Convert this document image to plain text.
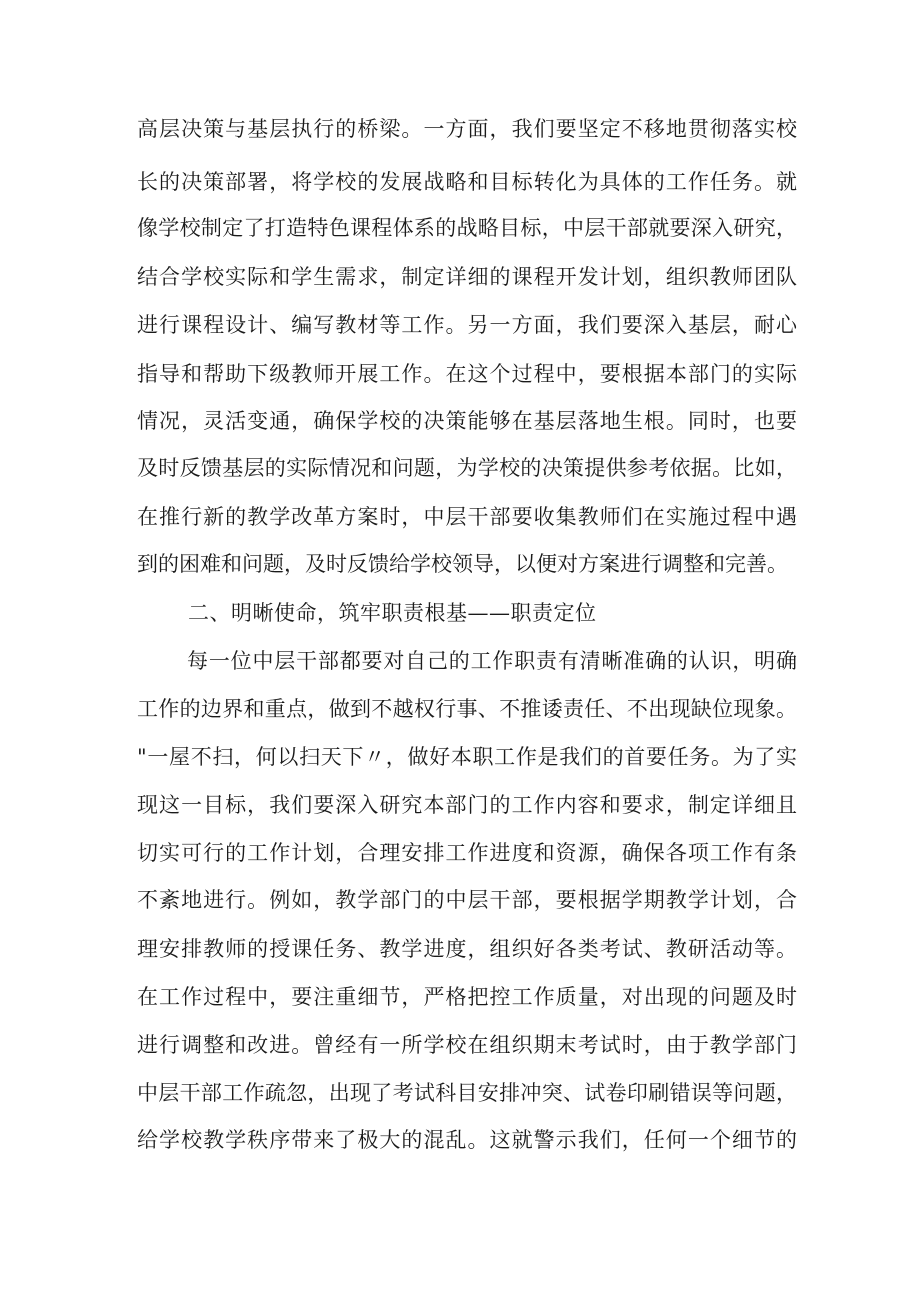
高层决策与基层执行的桥梁。一方面，我们要坚定不移地贯彻落实校
长的决策部署，将学校的发展战略和目标转化为具体的工作任务。就
像学校制定了打造特色课程体系的战略目标，中层干部就要深入研究，
结合学校实际和学生需求，制定详细的课程开发计划，组织教师团队
进行课程设计、编写教材等工作。另一方面，我们要深入基层，耐心
指导和帮助下级教师开展工作。在这个过程中，要根据本部门的实际
情况，灵活变通，确保学校的决策能够在基层落地生根。同时，也要
及时反馈基层的实际情况和问题，为学校的决策提供参考依据。比如，
在推行新的教学改革方案时，中层干部要收集教师们在实施过程中遇
到的困难和问题，及时反馈给学校领导，以便对方案进行调整和完善。
二、明晰使命，筑牢职责根基——职责定位
每一位中层干部都要对自己的工作职责有清晰准确的认识，明确
工作的边界和重点，做到不越权行事、不推诿责任、不出现缺位现象。
"一屋不扫，何以扫天下〃，做好本职工作是我们的首要任务。为了实
现这一目标，我们要深入研究本部门的工作内容和要求，制定详细且
切实可行的工作计划，合理安排工作进度和资源，确保各项工作有条
不紊地进行。例如，教学部门的中层干部，要根据学期教学计划，合
理安排教师的授课任务、教学进度，组织好各类考试、教研活动等。
在工作过程中，要注重细节，严格把控工作质量，对出现的问题及时
进行调整和改进。曾经有一所学校在组织期末考试时，由于教学部门
中层干部工作疏忽，出现了考试科目安排冲突、试卷印刷错误等问题，
给学校教学秩序带来了极大的混乱。这就警示我们，任何一个细节的
